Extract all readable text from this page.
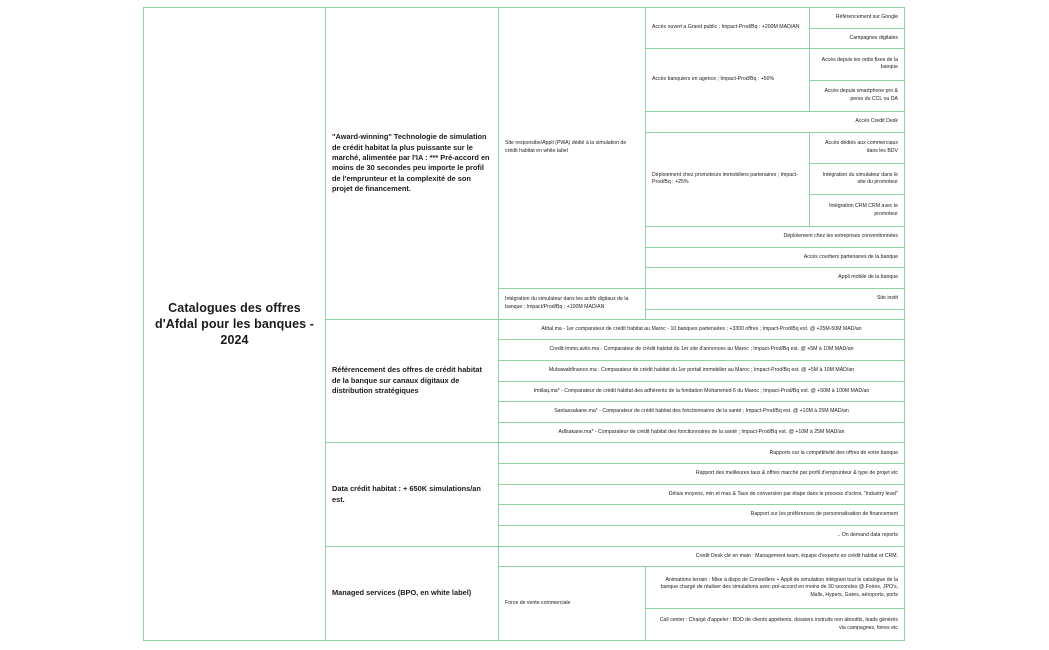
Catalogues des offres d'Afdal pour les banques - 2024	"Award-winning" Technologie de simulation de crédit habitat la plus puissante sur le marché, alimentée par l'IA : *** Pré-accord en moins de 30 secondes peu importe le profil de l'emprunteur et la complexité de son projet de financement.	Site responsibe/Appli (PWA) dédié à la simulation de crédit habitat en white label	Accès ouvert a Grand public ; Impact-Prod/Bq : +200M MAD/AN	Référencement sur Google
				Campagnes digitales
			Accès banquiers en agence ; Impact-Prod/Bq : +50%	Accès depuis les ordis fixes de la banque
				Accès depuis smartphone pro & perso du CCL ou DA
			Accès Credit Desk	
			Déploiement chez promoteurs immobiliers partenaires ; Impact-Prod/Bq : +25%	Accès dédiés aux commerciaux dans les BDV
				Intégration du simulateur dans le site du promoteur
				Intégration CRM CRM avec le promoteur
			Déploiement chez les entreprises conventionnées	
			Accès courtiers partenaires de la banque	
			Appli mobile de la banque	
		Intégration du simulateur dans les actifs digitaux de la banque ; Impact/Prod/Bq : +100M MAD/AN	Site instit	

	Référencement des offres de crédit habitat de la banque sur canaux digitaux de distribution stratégiques	Afdal.ma - 1er comparateur de crédit habitat au Maroc - 10 banques partenaires ; +3300 offres ; Impact-Prod/Bq est. @ +25M-50M MAD/an		
		Credit-Immo.avito.ma - Comparateur de crédit habitat du 1er site d'annonces au Maroc ; Impact-Prod/Bq est. @ +5M à 10M MAD/an		
		Mubawabfinance.ma : Comparateur de crédit habitat du 1er portail immobilier au Maroc ; Impact-Prod/Bq est. @ +5M à 10M MAD/an		
		Imtilaq.ma* - Comparateur de crédit habitat des adhérents de la fondation Mohammed 6 du Maroc ; Impact-Prod/Bq est. @ +50M à 100M MAD/an		
		Santassakane.ma* - Comparateur de crédit habitat des fonctionnaires de la santé ; Impact-Prod/Bq est. @ +10M à 25M MAD/an		
		Adlsakane.ma* - Comparateur de crédit habitat des fonctionnaires de la santé ; Impact-Prod/Bq est. @ +10M à 25M MAD/an		
	Data crédit habitat : + 650K simulations/an est.	Rapports sur la compétitivité des offres de votre banque		
		Rapport des meilleures taux & offres marché par profil d'emprunteur & type de projet etc		
		Délais moyens, min et max & Taux de conversion par étape dans le process d'octroi, "industry level"		
		Rapport sur les préférences de personnalisation de financement		
		.. On demand data reports		
	Managed services (BPO, en white label)	Credit Desk clé en main : Management team, équipe d'experts en crédit habitat et CRM.		
		Force de vente commerciale	Animations terrain : Mise à dispo de Conseillers + Appli de simulation intégrant tout le catalogue de la banque chargé de réaliser des simulations avec pré-accord en moins de 30 secondes @ Foires, JPO's, Malls, Hypers, Gares, aéroports, ports	
			Call center : Chargé d'appeler : BDD de clients appétents, dossiers instruits non aboutits, leads générés via campagnes, foires etc	
